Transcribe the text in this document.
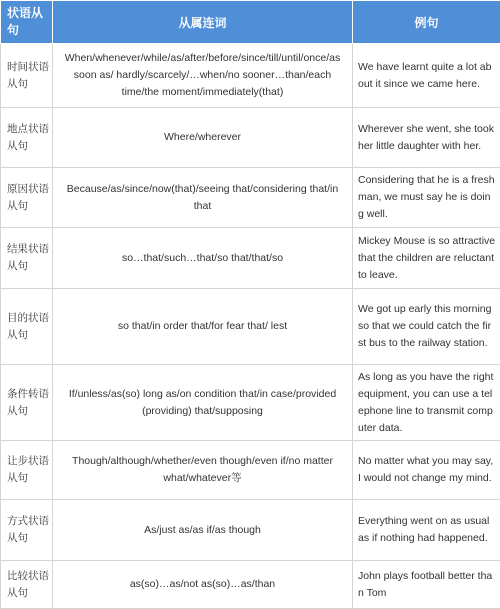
状语从句	从属连词	例句
时间状语从句	When/whenever/while/as/after/before/since/till/until/once/as soon as/ hardly/scarcely/…when/no sooner…than/each time/the moment/immediately(that)	We have learnt quite a lot about it since we came here.
地点状语从句	Where/wherever	Wherever she went, she took her little daughter with her.
原因状语从句	Because/as/since/now(that)/seeing that/considering that/in that	Considering that he is a freshman, we must say he is doing well.
结果状语从句	so…that/such…that/so that/that/so	Mickey Mouse is so attractive that the children are reluctant to leave.
目的状语从句	so that/in order that/for fear that/ lest	We got up early this morning so that we could catch the first bus to the railway station.
条件转语从句	If/unless/as(so) long as/on condition that/in case/provided (providing) that/supposing	As long as you have the right equipment, you can use a telephone line to transmit computer data.
让步状语从句	Though/although/whether/even though/even if/no matter what/whatever等	No matter what you may say, I would not change my mind.
方式状语从句	As/just as/as if/as though	Everything went on as usual as if nothing had happened.
比较状语从句	as(so)…as/not as(so)…as/than	John plays football better than Tom
